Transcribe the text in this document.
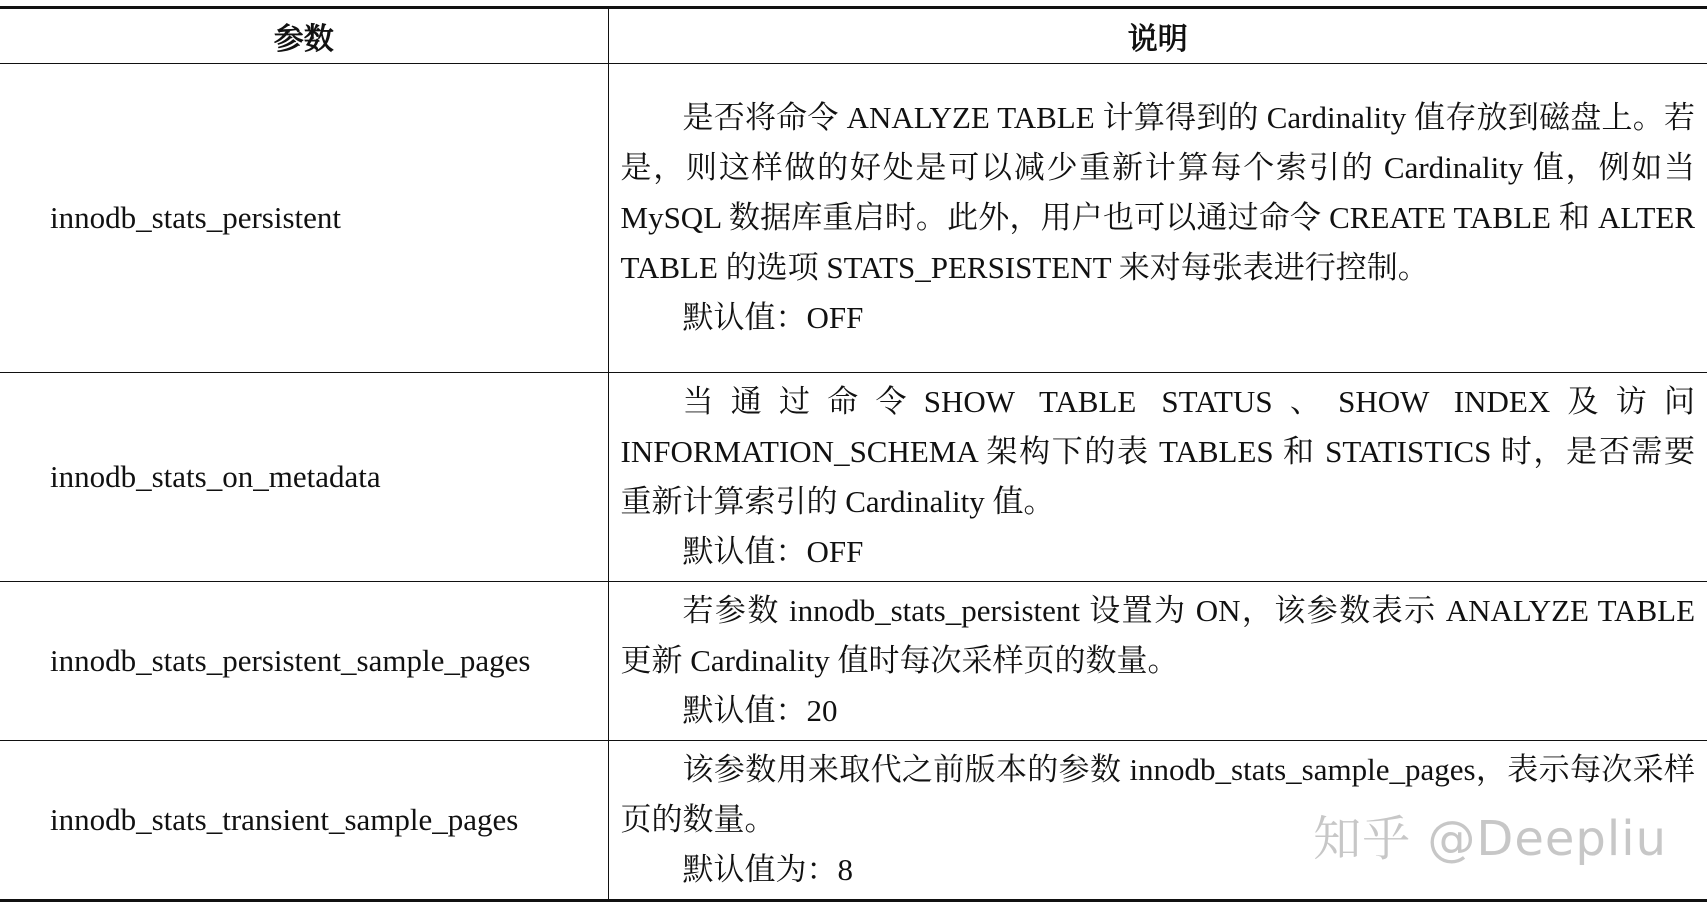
参数	说明
innodb_stats_persistent	是否将命令 ANALYZE TABLE 计算得到的 Cardinality 值存放到磁盘上。若是，则这样做的好处是可以减少重新计算每个索引的 Cardinality 值，例如当 MySQL 数据库重启时。此外，用户也可以通过命令 CREATE TABLE 和 ALTER TABLE 的选项 STATS_PERSISTENT 来对每张表进行控制。

默认值：OFF

innodb_stats_on_metadata	当通过命令SHOW TABLE STATUS、SHOW INDEX及访问INFORMATION_SCHEMA 架构下的表 TABLES 和 STATISTICS 时，是否需要重新计算索引的 Cardinality 值。

默认值：OFF

innodb_stats_persistent_sample_pages	若参数 innodb_stats_persistent 设置为 ON，该参数表示 ANALYZE TABLE 更新 Cardinality 值时每次采样页的数量。

默认值：20

innodb_stats_transient_sample_pages	该参数用来取代之前版本的参数 innodb_stats_sample_pages，表示每次采样页的数量。

默认值为：8

知乎 @Deepliu
